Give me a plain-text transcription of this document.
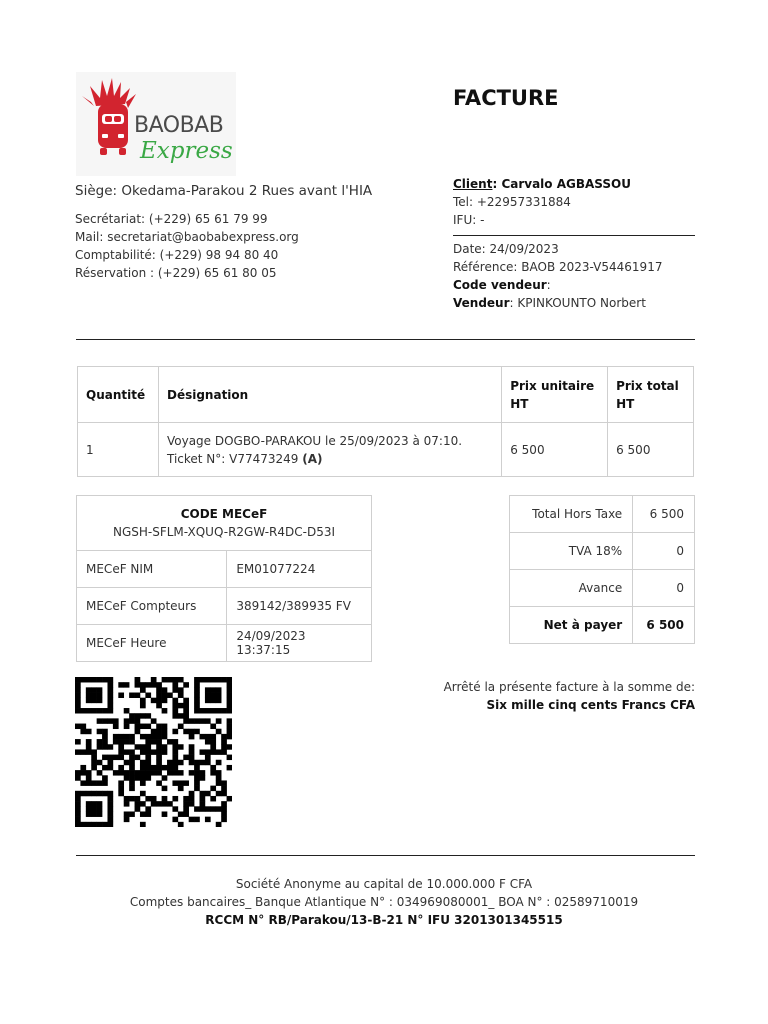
BAOBAB
Express
FACTURE
Siège: Okedama-Parakou 2 Rues avant l'HIA
Secrétariat: (+229) 65 61 79 99
Mail: secretariat@baobabexpress.org
Comptabilité: (+229) 98 94 80 40
Réservation : (+229) 65 61 80 05
Client: Carvalo AGBASSOU
Tel: +22957331884
IFU: -
Date: 24/09/2023
Référence: BAOB 2023-V54461917
Code vendeur:
Vendeur: KPINKOUNTO Norbert
Quantité	Désignation	Prix unitaire HT	Prix total HT
1	Voyage DOGBO-PARAKOU le 25/09/2023 à 07:10. Ticket N°: V77473249 (A)	6 500	6 500
CODE MECeF
NGSH-SFLM-XQUQ-R2GW-R4DC-D53I	

MECeF NIM	EM01077224
MECeF Compteurs	389142/389935 FV
MECeF Heure	24/09/2023 13:37:15
Total Hors Taxe	6 500
TVA 18%	0
Avance	0
Net à payer	6 500
Arrêté la présente facture à la somme de:
Six mille cinq cents Francs CFA
Société Anonyme au capital de 10.000.000 F CFA
Comptes bancaires_ Banque Atlantique N° : 034969080001_ BOA N° : 02589710019
RCCM N° RB/Parakou/13-B-21 N° IFU 3201301345515
